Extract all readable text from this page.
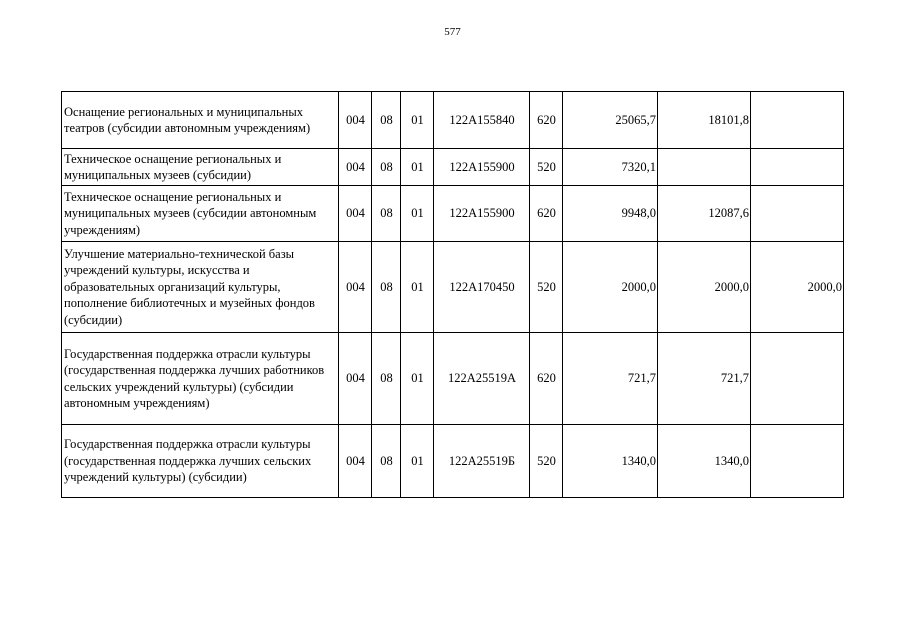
577
Оснащение региональных и муниципальных театров (субсидии автономным учреждениям)	004	08	01	122А155840	620	25065,7	18101,8	
Техническое оснащение региональных и муниципальных музеев (субсидии)	004	08	01	122А155900	520	7320,1		
Техническое оснащение региональных и муниципальных музеев (субсидии автономным учреждениям)	004	08	01	122А155900	620	9948,0	12087,6	
Улучшение материально-технической базы учреждений культуры, искусства и образовательных организаций культуры, пополнение библиотечных и музейных фондов (субсидии)	004	08	01	122А170450	520	2000,0	2000,0	2000,0
Государственная поддержка отрасли культуры (государственная поддержка лучших работников сельских учреждений культуры) (субсидии автономным учреждениям)	004	08	01	122А25519А	620	721,7	721,7	
Государственная поддержка отрасли культуры (государственная поддержка лучших сельских учреждений культуры) (субсидии)	004	08	01	122А25519Б	520	1340,0	1340,0	
